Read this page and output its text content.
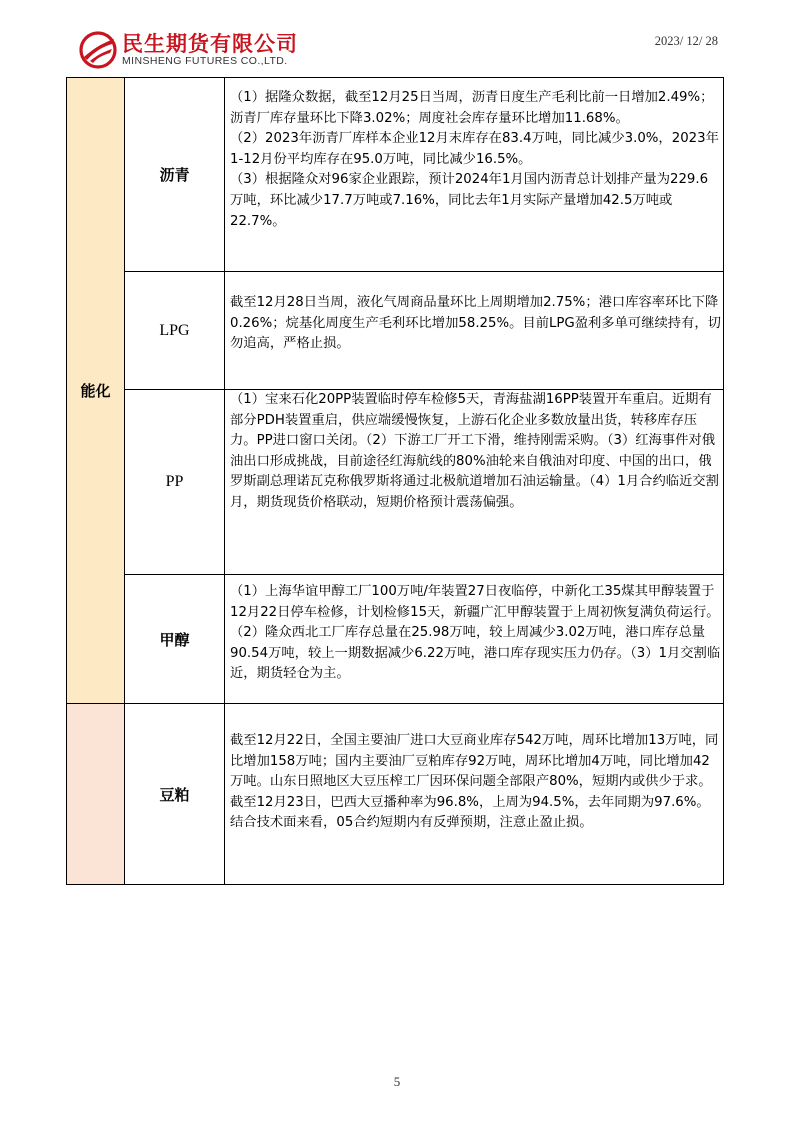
民生期货有限公司
MINSHENG FUTURES CO.,LTD.
2023/ 12/ 28
能化
沥青

（1）据隆众数据，截至12月25日当周，沥青日度生产毛利比前一日增加2.49%；沥青厂库存量环比下降3.02%；周度社会库存量环比增加11.68%。

（2）2023年沥青厂库样本企业12月末库存在83.4万吨，同比减少3.0%，2023年1-12月份平均库存在95.0万吨，同比减少16.5%。

（3）根据隆众对96家企业跟踪，预计2024年1月国内沥青总计划排产量为229.6万吨，环比减少17.7万吨或7.16%，同比去年1月实际产量增加42.5万吨或22.7%。

LPG

截至12月28日当周，液化气周商品量环比上周期增加2.75%；港口库容率环比下降0.26%；烷基化周度生产毛利环比增加58.25%。目前LPG盈利多单可继续持有，切勿追高，严格止损。

PP

（1）宝来石化20PP装置临时停车检修5天，青海盐湖16PP装置开车重启。近期有部分PDH装置重启，供应端缓慢恢复，上游石化企业多数放量出货，转移库存压力。PP进口窗口关闭。（2）下游工厂开工下滑，维持刚需采购。（3）红海事件对俄油出口形成挑战，目前途径红海航线的80%油轮来自俄油对印度、中国的出口，俄罗斯副总理诺瓦克称俄罗斯将通过北极航道增加石油运输量。（4）1月合约临近交割月，期货现货价格联动，短期价格预计震荡偏强。

甲醇

（1）上海华谊甲醇工厂100万吨/年装置27日夜临停，中新化工35煤其甲醇装置于12月22日停车检修，计划检修15天，新疆广汇甲醇装置于上周初恢复满负荷运行。（2）隆众西北工厂库存总量在25.98万吨，较上周减少3.02万吨，港口库存总量90.54万吨，较上一期数据减少6.22万吨，港口库存现实压力仍存。（3）1月交割临近，期货轻仓为主。

豆粕

截至12月22日，全国主要油厂进口大豆商业库存542万吨，周环比增加13万吨，同比增加158万吨；国内主要油厂豆粕库存92万吨，周环比增加4万吨，同比增加42万吨。山东日照地区大豆压榨工厂因环保问题全部限产80%，短期内或供少于求。截至12月23日，巴西大豆播种率为96.8%，上周为94.5%，去年同期为97.6%。　　结合技术面来看，05合约短期内有反弹预期，注意止盈止损。

5
